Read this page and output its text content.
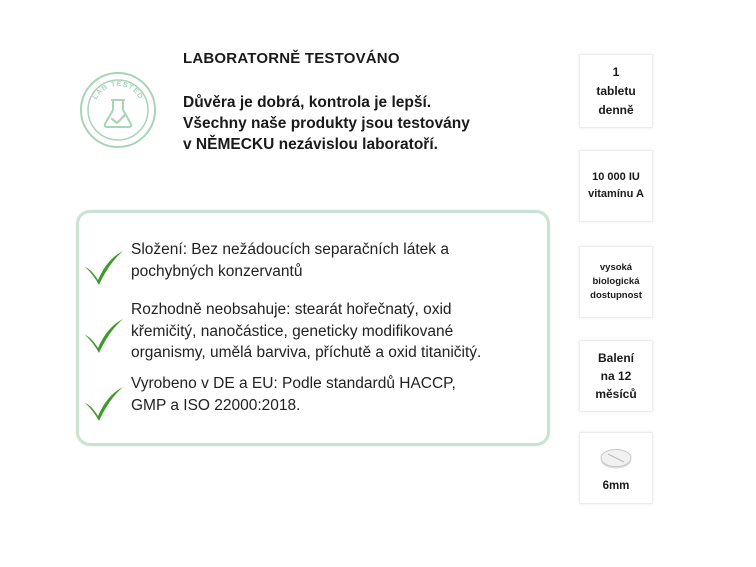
LAB TESTED
LABORATORNĚ TESTOVÁNO
Důvěra je dobrá, kontrola je lepší.
Všechny naše produkty jsou testovány
v NĚMECKU nezávislou laboratoří.
Složení: Bez nežádoucích separačních látek a
pochybných konzervantů
Rozhodně neobsahuje: stearát hořečnatý, oxid
křemičitý, nanočástice, geneticky modifikované
organismy, umělá barviva, příchutě a oxid titaničitý.
Vyrobeno v DE a EU: Podle standardů HACCP,
GMP a ISO 22000:2018.
1
tabletu
denně
10 000 IU
vitamínu A
vysoká
biologická
dostupnost
Balení
na 12
měsíců
6mm
